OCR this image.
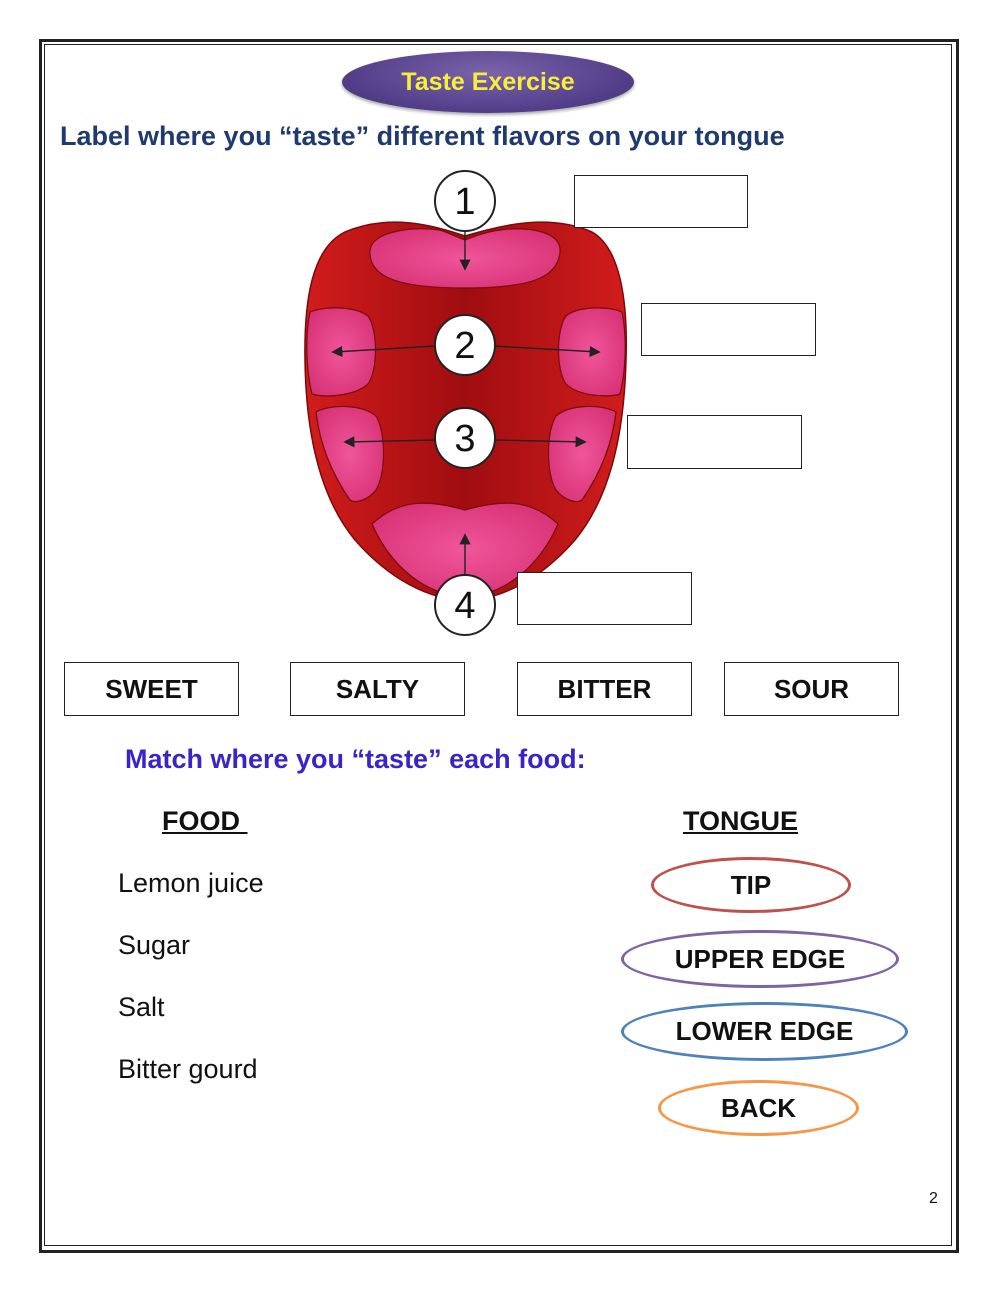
Taste Exercise
Label where you “taste” different flavors on your tongue
1
2
3
4
SWEET	SALTY	BITTER	SOUR
Match where you “taste” each food:
FOOD	TONGUE
Lemon juice
Sugar
Salt
Bitter gourd
TIP
UPPER EDGE
LOWER EDGE
BACK
2
